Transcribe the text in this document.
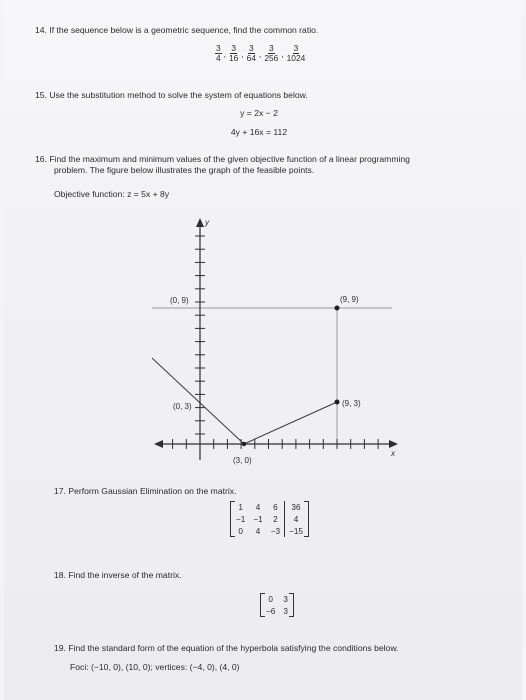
14. If the sequence below is a geometric sequence, find the common ratio.
$\frac{3}{4}$ , $\frac{3}{16}$ , $\frac{3}{64}$ , $\frac{3}{256}$ , $\frac{3}{1024}$
15. Use the substitution method to solve the system of equations below.
y = 2x − 2
4y + 16x = 112
16. Find the maximum and minimum values of the given objective function of a linear programming
problem. The figure below illustrates the graph of the feasible points.
Objective function: z = 5x + 8y
y
x
(0, 9)	(9, 9)
(0, 3)	(9, 3)
(3, 0)
17. Perform Gaussian Elimination on the matrix.
1	4	6	36
−1	−1	2	4
0	4	−3	−15
18. Find the inverse of the matrix.
0	3
−6	3
19. Find the standard form of the equation of the hyperbola satisfying the conditions below.
Foci: (−10, 0), (10, 0); vertices: (−4, 0), (4, 0)
